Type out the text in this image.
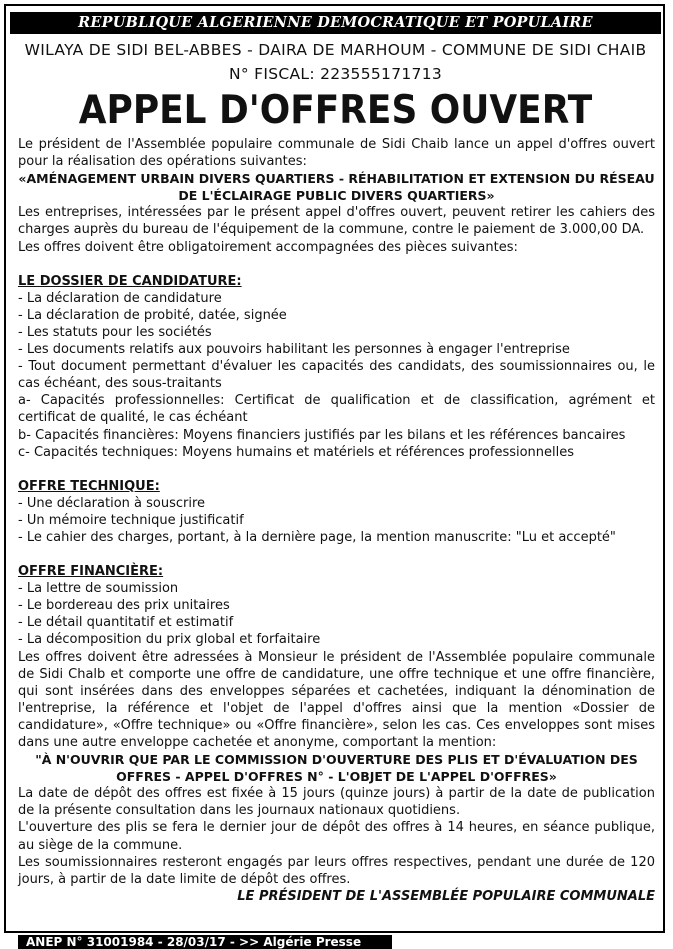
REPUBLIQUE ALGERIENNE DEMOCRATIQUE ET POPULAIRE
WILAYA DE SIDI BEL-ABBES - DAIRA DE MARHOUM - COMMUNE DE SIDI CHAIB
N° FISCAL: 223555171713
APPEL D'OFFRES OUVERT

Le président de l'Assemblée populaire communale de Sidi Chaib lance un appel d'offres ouvert pour la réalisation des opérations suivantes:

«AMÉNAGEMENT URBAIN DIVERS QUARTIERS - RÉHABILITATION ET EXTENSION DU RÉSEAU DE L'ÉCLAIRAGE PUBLIC DIVERS QUARTIERS»

Les entreprises, intéressées par le présent appel d'offres ouvert, peuvent retirer les cahiers des charges auprès du bureau de l'équipement de la commune, contre le paiement de 3.000,00 DA.

Les offres doivent être obligatoirement accompagnées des pièces suivantes:

LE DOSSIER DE CANDIDATURE:

- La déclaration de candidature

- La déclaration de probité, datée, signée

- Les statuts pour les sociétés

- Les documents relatifs aux pouvoirs habilitant les personnes à engager l'entreprise

- Tout document permettant d'évaluer les capacités des candidats, des soumissionnaires ou, le cas échéant, des sous-traitants

a- Capacités professionnelles: Certificat de qualification et de classification, agrément et certificat de qualité, le cas échéant

b- Capacités financières: Moyens financiers justifiés par les bilans et les références bancaires

c- Capacités techniques: Moyens humains et matériels et références professionnelles

OFFRE TECHNIQUE:

- Une déclaration à souscrire

- Un mémoire technique justificatif

- Le cahier des charges, portant, à la dernière page, la mention manuscrite: "Lu et accepté"

OFFRE FINANCIÈRE:

- La lettre de soumission

- Le bordereau des prix unitaires

- Le détail quantitatif et estimatif

- La décomposition du prix global et forfaitaire

Les offres doivent être adressées à Monsieur le président de l'Assemblée populaire communale de Sidi Chalb et comporte une offre de candidature, une offre technique et une offre financière, qui sont insérées dans des enveloppes séparées et cachetées, indiquant la dénomination de l'entreprise, la référence et l'objet de l'appel d'offres ainsi que la mention «Dossier de candidature», «Offre technique» ou «Offre financière», selon les cas. Ces enveloppes sont mises dans une autre enveloppe cachetée et anonyme, comportant la mention:

"À N'OUVRIR QUE PAR LE COMMISSION D'OUVERTURE DES PLIS ET D'ÉVALUATION DES OFFRES - APPEL D'OFFRES N° - L'OBJET DE L'APPEL D'OFFRES»

La date de dépôt des offres est fixée à 15 jours (quinze jours) à partir de la date de publication de la présente consultation dans les journaux nationaux quotidiens.

L'ouverture des plis se fera le dernier jour de dépôt des offres à 14 heures, en séance publique, au siège de la commune.

Les soumissionnaires resteront engagés par leurs offres respectives, pendant une durée de 120 jours, à partir de la date limite de dépôt des offres.

LE PRÉSIDENT DE L'ASSEMBLÉE POPULAIRE COMMUNALE

ANEP N° 31001984 - 28/03/17 - >> Algérie Presse
